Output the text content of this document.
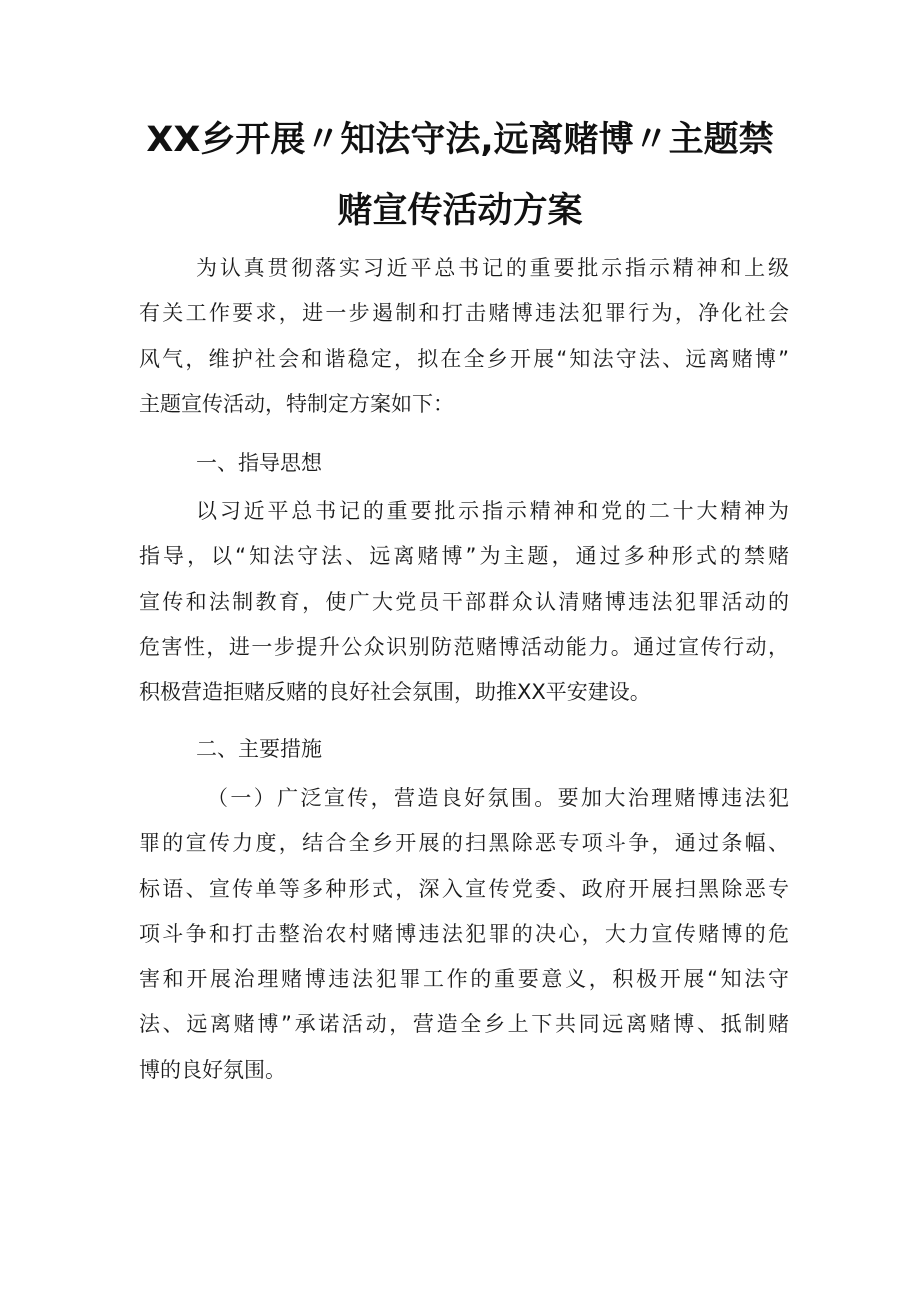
XX乡开展〃知法守法,远离赌博〃主题禁
赌宣传活动方案
为认真贯彻落实习近平总书记的重要批示指示精神和上级
有关工作要求，进一步遏制和打击赌博违法犯罪行为，净化社会
风气，维护社会和谐稳定，拟在全乡开展“知法守法、远离赌博”
主题宣传活动，特制定方案如下：
一、指导思想
以习近平总书记的重要批示指示精神和党的二十大精神为
指导，以“知法守法、远离赌博”为主题，通过多种形式的禁赌
宣传和法制教育，使广大党员干部群众认清赌博违法犯罪活动的
危害性，进一步提升公众识别防范赌博活动能力。通过宣传行动，
积极营造拒赌反赌的良好社会氛围，助推XX平安建设。
二、主要措施
（一）广泛宣传，营造良好氛围。要加大治理赌博违法犯
罪的宣传力度，结合全乡开展的扫黑除恶专项斗争，通过条幅、
标语、宣传单等多种形式，深入宣传党委、政府开展扫黑除恶专
项斗争和打击整治农村赌博违法犯罪的决心，大力宣传赌博的危
害和开展治理赌博违法犯罪工作的重要意义，积极开展“知法守
法、远离赌博”承诺活动，营造全乡上下共同远离赌博、抵制赌
博的良好氛围。
